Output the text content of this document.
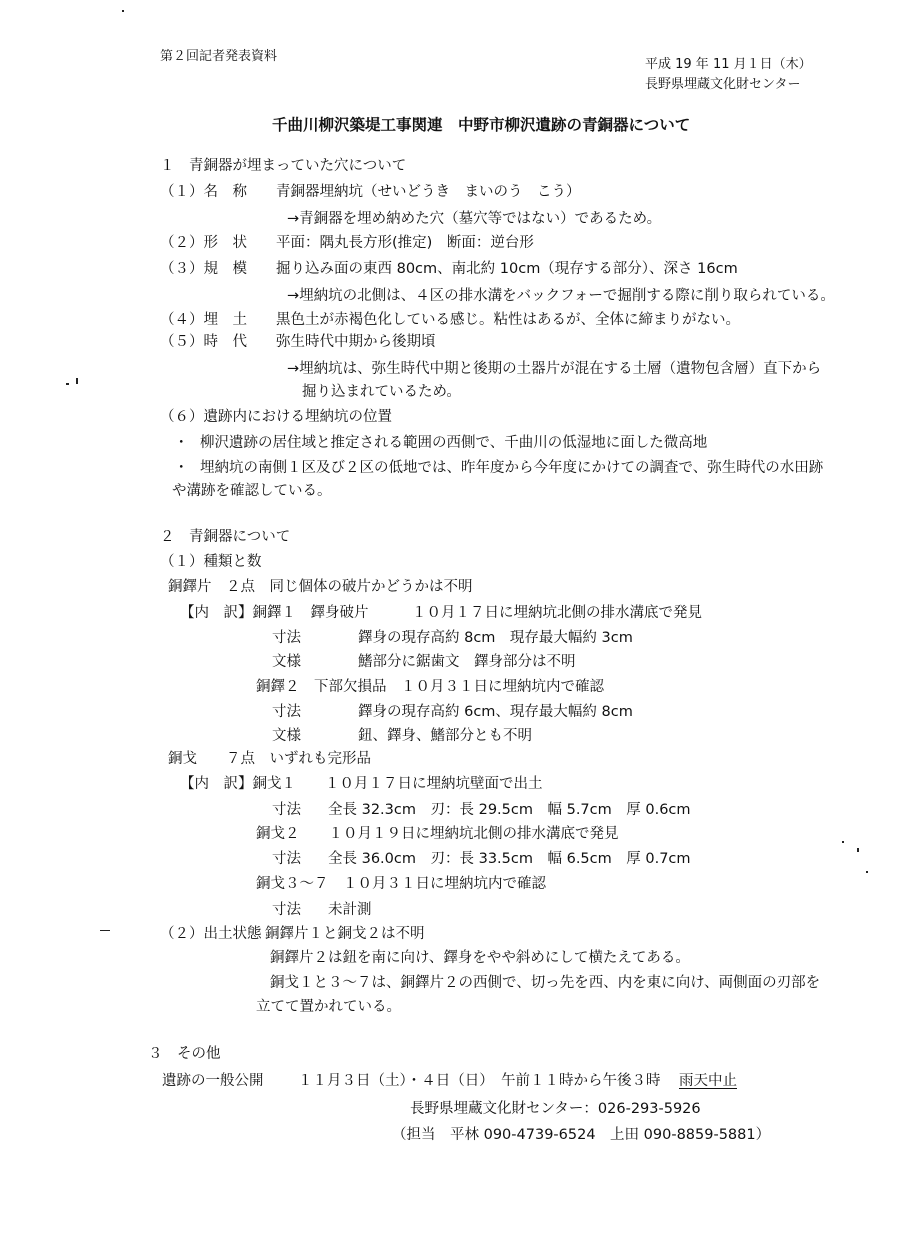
第２回記者発表資料
平成 19 年 11 月１日（木）
長野県埋蔵文化財センター
千曲川柳沢築堤工事関連　中野市柳沢遺跡の青銅器について
１　青銅器が埋まっていた穴について
（１）名　称 青銅器埋納坑（せいどうき　まいのう　こう）
→青銅器を埋め納めた穴（墓穴等ではない）であるため。
（２）形　状 平面：隅丸長方形(推定)　断面：逆台形
（３）規　模 掘り込み面の東西 80cm、南北約 10cm（現存する部分）、深さ 16cm
→埋納坑の北側は、４区の排水溝をバックフォーで掘削する際に削り取られている。
（４）埋　土 黒色土が赤褐色化している感じ。粘性はあるが、全体に締まりがない。
（５）時　代 弥生時代中期から後期頃
→埋納坑は、弥生時代中期と後期の土器片が混在する土層（遺物包含層）直下から
掘り込まれているため。
（６）遺跡内における埋納坑の位置
・ 柳沢遺跡の居住域と推定される範囲の西側で、千曲川の低湿地に面した微高地
・ 埋納坑の南側１区及び２区の低地では、昨年度から今年度にかけての調査で、弥生時代の水田跡
や溝跡を確認している。
２　青銅器について
（１）種類と数
銅鐸片　２点　同じ個体の破片かどうかは不明
【内　訳】銅鐸１　鐸身破片　　　１０月１７日に埋納坑北側の排水溝底で発見
寸法	鐸身の現存高約 8cm　現存最大幅約 3cm
文様	鰭部分に鋸歯文　鐸身部分は不明
銅鐸２　下部欠損品　１０月３１日に埋納坑内で確認
寸法	鐸身の現存高約 6cm、現存最大幅約 8cm
文様	鈕、鐸身、鰭部分とも不明
銅戈　　７点　いずれも完形品
【内　訳】銅戈１　　１０月１７日に埋納坑壁面で出土
寸法 全長 32.3cm　刃：長 29.5cm　幅 5.7cm　厚 0.6cm
銅戈２　　１０月１９日に埋納坑北側の排水溝底で発見
寸法 全長 36.0cm　刃：長 33.5cm　幅 6.5cm　厚 0.7cm
銅戈３～７　１０月３１日に埋納坑内で確認
寸法 未計測
（２）出土状態 銅鐸片１と銅戈２は不明
銅鐸片２は鈕を南に向け、鐸身をやや斜めにして横たえてある。
銅戈１と３～７は、銅鐸片２の西側で、切っ先を西、内を東に向け、両側面の刃部を
立てて置かれている。
３　その他
遺跡の一般公開 １１月３日（土）・４日（日）　午前１１時から午後３時 雨天中止
長野県埋蔵文化財センター：026-293-5926
（担当　平林 090-4739-6524　上田 090-8859-5881）
